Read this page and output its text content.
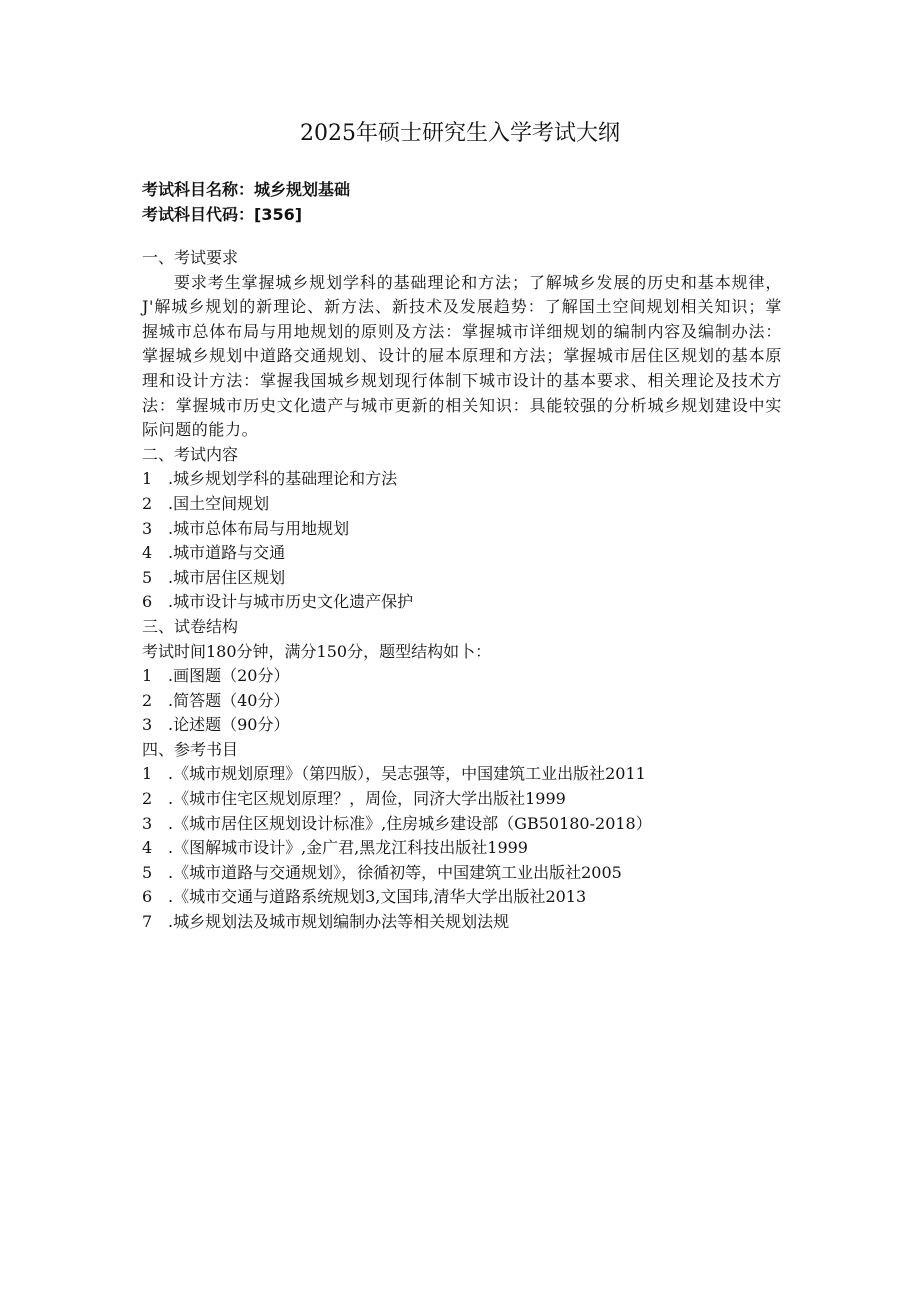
2025年硕士研究生入学考试大纲
考试科目名称：城乡规划基础
考试科目代码：[356]
一、考试要求
要求考生掌握城乡规划学科的基础理论和方法；了解城乡发展的历史和基本规律，J'解城乡规划的新理论、新方法、新技术及发展趋势：了解国土空间规划相关知识；掌握城市总体布局与用地规划的原则及方法：掌握城市详细规划的编制内容及编制办法：掌握城乡规划中道路交通规划、设计的屉本原理和方法；掌握城市居住区规划的基本原理和设计方法：掌握我国城乡规划现行体制下城市设计的基本要求、相关理论及技术方法：掌握城市历史文化遗产与城市更新的相关知识：具能较强的分析城乡规划建设中实际问题的能力。
二、考试内容
1 .城乡规划学科的基础理论和方法
2 .国土空间规划
3 .城市总体布局与用地规划
4 .城市道路与交通
5 .城市居住区规划
6 .城市设计与城市历史文化遗产保护
三、试卷结构
考试时间180分钟，满分150分，题型结构如卜：
1 .画图题（20分）
2 .简答题（40分）
3 .论述题（90分）
四、参考书目
1 .《城市规划原理》（第四版），吴志强等，中国建筑工业出版社2011
2 .《城市住宅区规划原理？，周俭，同济大学出版社1999
3 .《城市居住区规划设计标准》,住房城乡建设部（GB50180-2018）
4 .《图解城市设计》,金广君,黑龙江科技出版社1999
5 .《城市道路与交通规划》，徐循初等，中国建筑工业出版社2005
6 .《城市交通与道路系统规划3,文国玮,清华大学出版社2013
7 .城乡规划法及城市规划编制办法等相关规划法规
